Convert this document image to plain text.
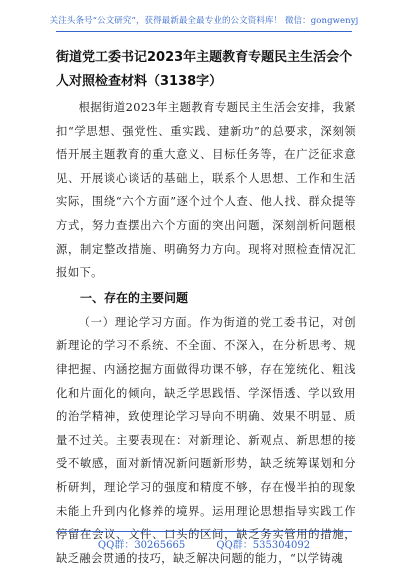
关注头条号“公文研究”，获得最新最全最专业的公文资料库！ 微信：gongwenyj
街道党工委书记2023年主题教育专题民主生活会个人对照检查材料（3138字）

根据街道2023年主题教育专题民主生活会安排，我紧扣“学思想、强党性、重实践、建新功”的总要求，深刻领悟开展主题教育的重大意义、目标任务等，在广泛征求意见、开展谈心谈话的基础上，联系个人思想、工作和生活实际，围绕“六个方面”逐个过个人查、他人找、群众提等方式，努力查摆出六个方面的突出问题，深刻剖析问题根源，制定整改措施、明确努力方向。现将对照检查情况汇报如下。

一、存在的主要问题

（一）理论学习方面。作为街道的党工委书记，对创新理论的学习不系统、不全面、不深入，在分析思考、规律把握、内涵挖掘方面做得功课不够，存在笼统化、粗浅化和片面化的倾向，缺乏学思践悟、学深悟透、学以致用的治学精神，致使理论学习导向不明确、效果不明显、质量不过关。主要表现在：对新理论、新观点、新思想的接受不敏感，面对新情况新问题新形势，缺乏统筹谋划和分析研判，理论学习的强度和精度不够，存在慢半拍的现象未能上升到内化修养的境界。运用理论思想指导实践工作停留在会议、文件、口头的区间，缺乏务实管用的措施，缺乏融会贯通的技巧，缺乏解决问题的能力，“以学铸魂

QQ群：30265665	QQ群：535304092
